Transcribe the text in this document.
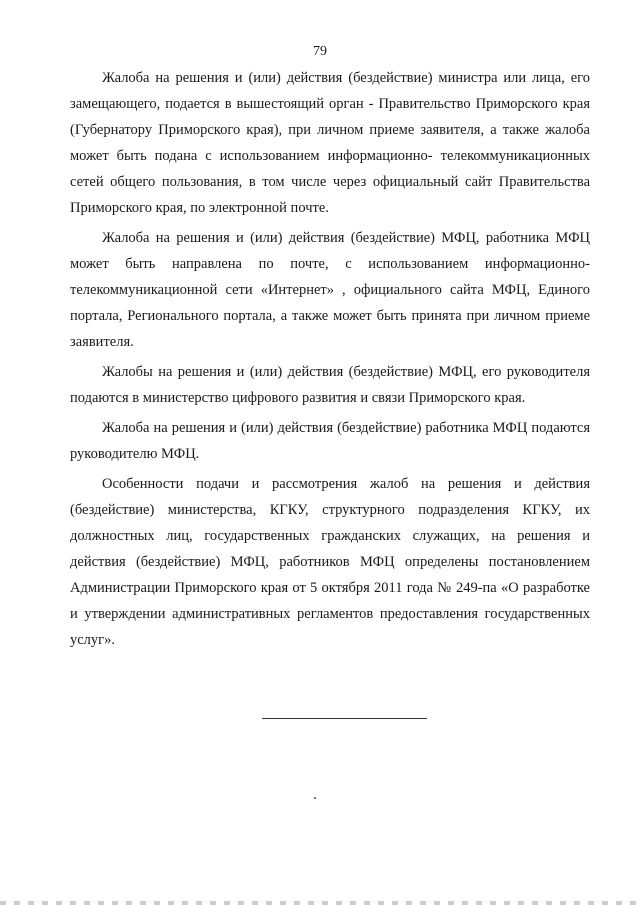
79

Жалоба на решения и (или) действия (бездействие) министра или лица, его замещающего, подается в вышестоящий орган - Правительство Приморского края (Губернатору Приморского края), при личном приеме заявителя, а также жалоба может быть подана с использованием информационно- телекоммуникационных сетей общего пользования, в том числе через официальный сайт Правительства Приморского края, по электронной почте.

Жалоба на решения и (или) действия (бездействие) МФЦ, работника МФЦ может быть направлена по почте, с использованием информационно- телекоммуникационной сети «Интернет» , официального сайта МФЦ, Единого портала, Регионального портала, а также может быть принята при личном приеме заявителя.

Жалобы на решения и (или) действия (бездействие) МФЦ, его руководителя подаются в министерство цифрового развития и связи Приморского края.

Жалоба на решения и (или) действия (бездействие) работника МФЦ подаются руководителю МФЦ.

Особенности подачи и рассмотрения жалоб на решения и действия (бездействие) министерства, КГКУ, структурного подразделения КГКУ, их должностных лиц, государственных гражданских служащих, на решения и действия (бездействие) МФЦ, работников МФЦ определены постановлением Администрации Приморского края от 5 октября 2011 года № 249-па «О разработке и утверждении административных регламентов предоставления государственных услуг».
